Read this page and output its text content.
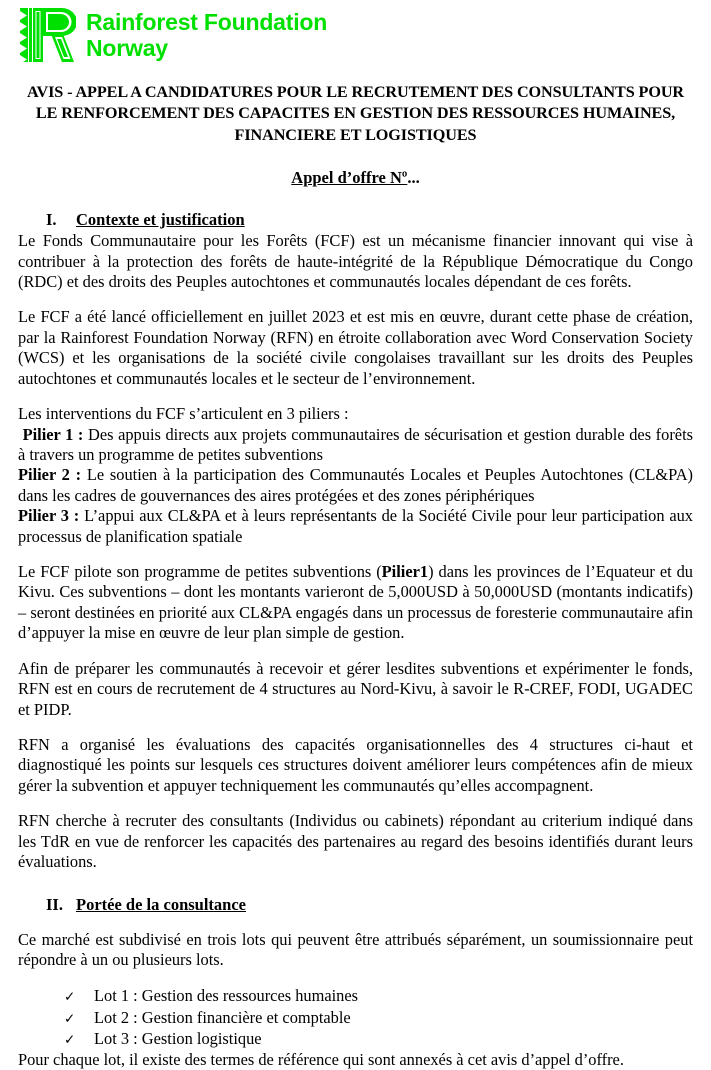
Rainforest Foundation
Norway
AVIS - APPEL A CANDIDATURES POUR LE RECRUTEMENT DES CONSULTANTS POUR LE RENFORCEMENT DES CAPACITES EN GESTION DES RESSOURCES HUMAINES, FINANCIERE ET LOGISTIQUES
Appel d’offre Nº...
I.	Contexte et justification

Le Fonds Communautaire pour les Forêts (FCF) est un mécanisme financier innovant qui vise à contribuer à la protection des forêts de haute-intégrité de la République Démocratique du Congo (RDC) et des droits des Peuples autochtones et communautés locales dépendant de ces forêts.

Le FCF a été lancé officiellement en juillet 2023 et est mis en œuvre, durant cette phase de création, par la Rainforest Foundation Norway (RFN) en étroite collaboration avec Word Conservation Society (WCS) et les organisations de la société civile congolaises travaillant sur les droits des Peuples autochtones et communautés locales et le secteur de l’environnement.

Les interventions du FCF s’articulent en 3 piliers :

Pilier 1 : Des appuis directs aux projets communautaires de sécurisation et gestion durable des forêts à travers un programme de petites subventions

Pilier 2 : Le soutien à la participation des Communautés Locales et Peuples Autochtones (CL&PA) dans les cadres de gouvernances des aires protégées et des zones périphériques

Pilier 3 : L’appui aux CL&PA et à leurs représentants de la Société Civile pour leur participation aux processus de planification spatiale

Le FCF pilote son programme de petites subventions (Pilier1) dans les provinces de l’Equateur et du Kivu. Ces subventions – dont les montants varieront de 5,000USD à 50,000USD (montants indicatifs) – seront destinées en priorité aux CL&PA engagés dans un processus de foresterie communautaire afin d’appuyer la mise en œuvre de leur plan simple de gestion.

Afin de préparer les communautés à recevoir et gérer lesdites subventions et expérimenter le fonds, RFN est en cours de recrutement de 4 structures au Nord-Kivu, à savoir le R-CREF, FODI, UGADEC et PIDP.

RFN a organisé les évaluations des capacités organisationnelles des 4 structures ci-haut et diagnostiqué les points sur lesquels ces structures doivent améliorer leurs compétences afin de mieux gérer la subvention et appuyer techniquement les communautés qu’elles accompagnent.

RFN cherche à recruter des consultants (Individus ou cabinets) répondant au criterium indiqué dans les TdR en vue de renforcer les capacités des partenaires au regard des besoins identifiés durant leurs évaluations.

II. Portée de la consultance

Ce marché est subdivisé en trois lots qui peuvent être attribués séparément, un soumissionnaire peut répondre à un ou plusieurs lots.

✓	Lot 1 : Gestion des ressources humaines
✓	Lot 2 : Gestion financière et comptable
✓	Lot 3 : Gestion logistique

Pour chaque lot, il existe des termes de référence qui sont annexés à cet avis d’appel d’offre.
